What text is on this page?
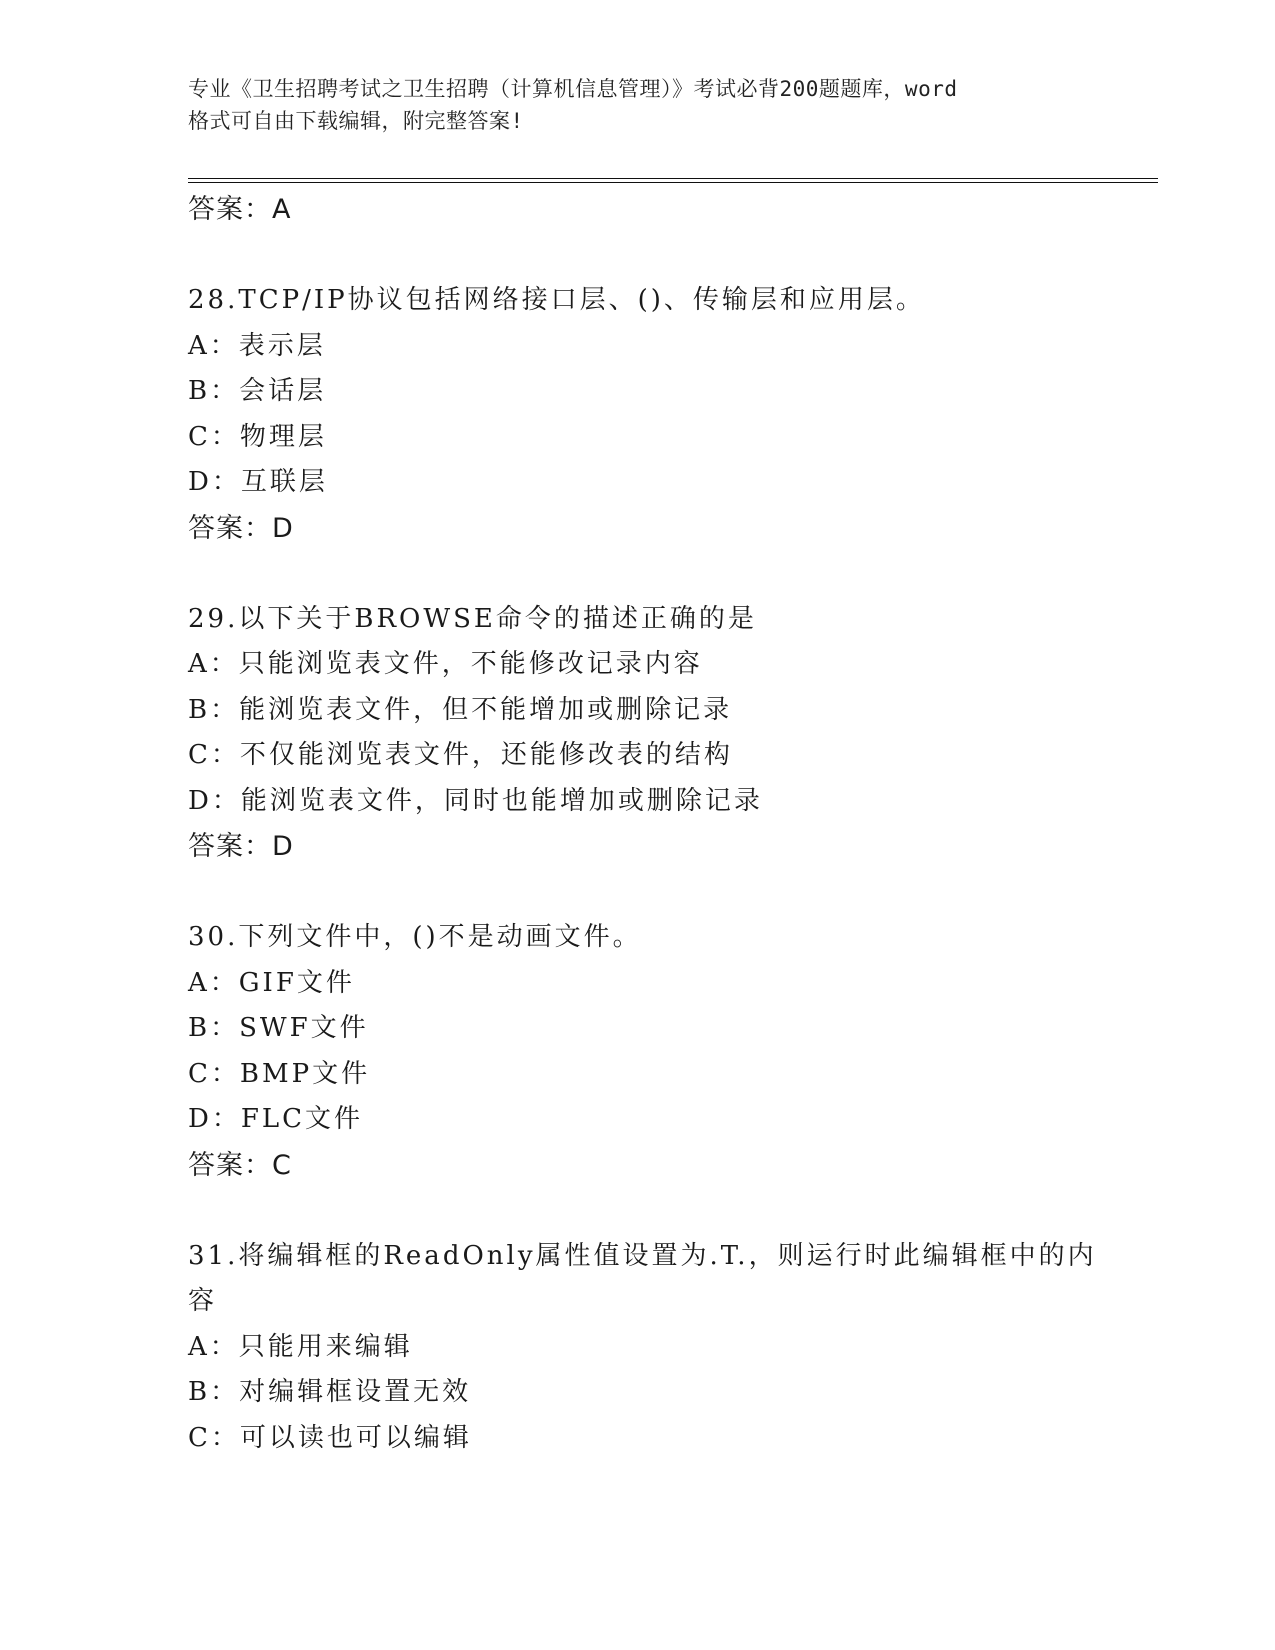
专业《卫生招聘考试之卫生招聘（计算机信息管理）》考试必背200题题库，word
格式可自由下载编辑，附完整答案!
答案：A
28.TCP/IP协议包括网络接口层、()、传输层和应用层。
A：表示层
B：会话层
C：物理层
D：互联层
答案：D
29.以下关于BROWSE命令的描述正确的是
A：只能浏览表文件，不能修改记录内容
B：能浏览表文件，但不能增加或删除记录
C：不仅能浏览表文件，还能修改表的结构
D：能浏览表文件，同时也能增加或删除记录
答案：D
30.下列文件中，()不是动画文件。
A：GIF文件
B：SWF文件
C：BMP文件
D：FLC文件
答案：C
31.将编辑框的ReadOnly属性值设置为.T.，则运行时此编辑框中的内
容
A：只能用来编辑
B：对编辑框设置无效
C：可以读也可以编辑
